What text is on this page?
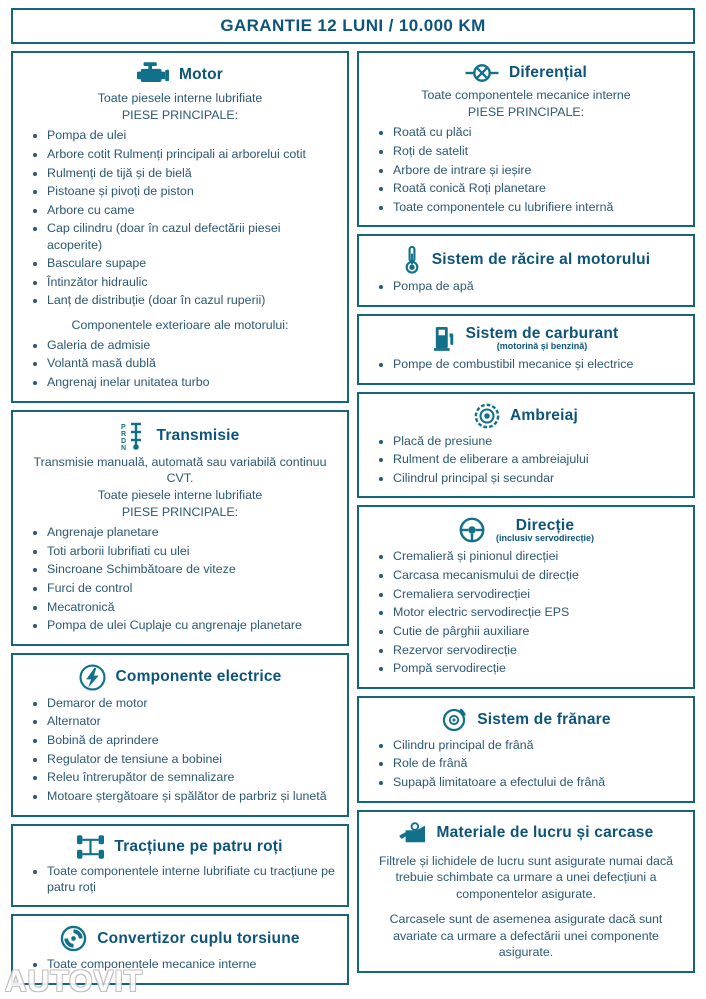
GARANTIE 12 LUNI / 10.000 KM
Motor
Toate piesele interne lubrifiate
PIESE PRINCIPALE:
• Pompa de ulei
• Arbore cotit Rulmenți principali ai arborelui cotit
• Rulmenți de tijă și de bielă
• Pistoane și pivoți de piston
• Arbore cu came
• Cap cilindru (doar în cazul defectării piesei acoperite)
• Basculare supape
• Întinzător hidraulic
• Lanț de distribuție (doar în cazul ruperii)
Componentele exterioare ale motorului:
• Galeria de admisie
• Volantă masă dublă
• Angrenaj inelar unitatea turbo
P
R
D
N
Transmisie
Transmisie manuală, automată sau variabilă continuu CVT.
Toate piesele interne lubrifiate
PIESE PRINCIPALE:
• Angrenaje planetare
• Toti arborii lubrifiati cu ulei
• Sincroane Schimbătoare de viteze
• Furci de control
• Mecatronică
• Pompa de ulei Cuplaje cu angrenaje planetare
Componente electrice
• Demaror de motor
• Alternator
• Bobină de aprindere
• Regulator de tensiune a bobinei
• Releu întrerupător de semnalizare
• Motoare ștergătoare și spălător de parbriz și lunetă
Tracțiune pe patru roți
• Toate componentele interne lubrifiate cu tracțiune pe patru roți
Convertizor cuplu torsiune
• Toate componentele mecanice interne
Diferențial
Toate componentele mecanice interne
PIESE PRINCIPALE:
• Roată cu plăci
• Roți de satelit
• Arbore de intrare și ieșire
• Roată conică Roți planetare
• Toate componentele cu lubrifiere internă
Sistem de răcire al motorului
• Pompa de apă
Sistem de carburant
(motorină și benzină)
• Pompe de combustibil mecanice și electrice
Ambreiaj
• Placă de presiune
• Rulment de eliberare a ambreiajului
• Cilindrul principal și secundar
Direcție
(inclusiv servodirecție)
• Cremalieră și pinionul direcției
• Carcasa mecanismului de direcție
• Cremaliera servodirecției
• Motor electric servodirecție EPS
• Cutie de pârghii auxiliare
• Rezervor servodirecție
• Pompă servodirecție
Sistem de frănare
• Cilindru principal de frână
• Role de frână
• Supapă limitatoare a efectului de frână
Materiale de lucru și carcase

Filtrele și lichidele de lucru sunt asigurate numai dacă trebuie schimbate ca urmare a unei defecțiuni a componentelor asigurate.

Carcasele sunt de asemenea asigurate dacă sunt avariate ca urmare a defectării unei componente asigurate.

AUTOVIT
